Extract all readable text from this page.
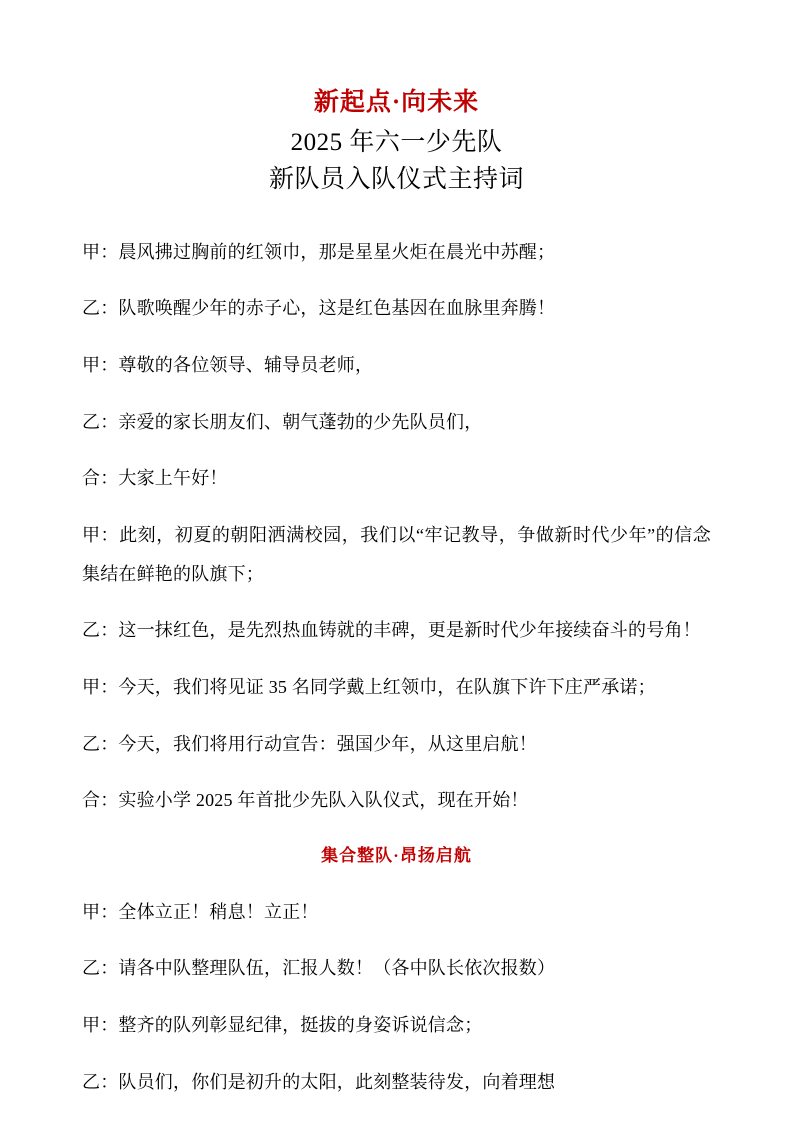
新起点·向未来
2025 年六一少先队
新队员入队仪式主持词

甲：晨风拂过胸前的红领巾，那是星星火炬在晨光中苏醒；

乙：队歌唤醒少年的赤子心，这是红色基因在血脉里奔腾！

甲：尊敬的各位领导、辅导员老师，

乙：亲爱的家长朋友们、朝气蓬勃的少先队员们，

合：大家上午好！

甲：此刻，初夏的朝阳洒满校园，我们以“牢记教导，争做新时代少年”的信念集结在鲜艳的队旗下；

乙：这一抹红色，是先烈热血铸就的丰碑，更是新时代少年接续奋斗的号角！

甲：今天，我们将见证 35 名同学戴上红领巾，在队旗下许下庄严承诺；

乙：今天，我们将用行动宣告：强国少年，从这里启航！

合：实验小学 2025 年首批少先队入队仪式，现在开始！

集合整队·昂扬启航

甲：全体立正！稍息！立正！

乙：请各中队整理队伍，汇报人数！（各中队长依次报数）

甲：整齐的队列彰显纪律，挺拔的身姿诉说信念；

乙：队员们，你们是初升的太阳，此刻整装待发，向着理想
